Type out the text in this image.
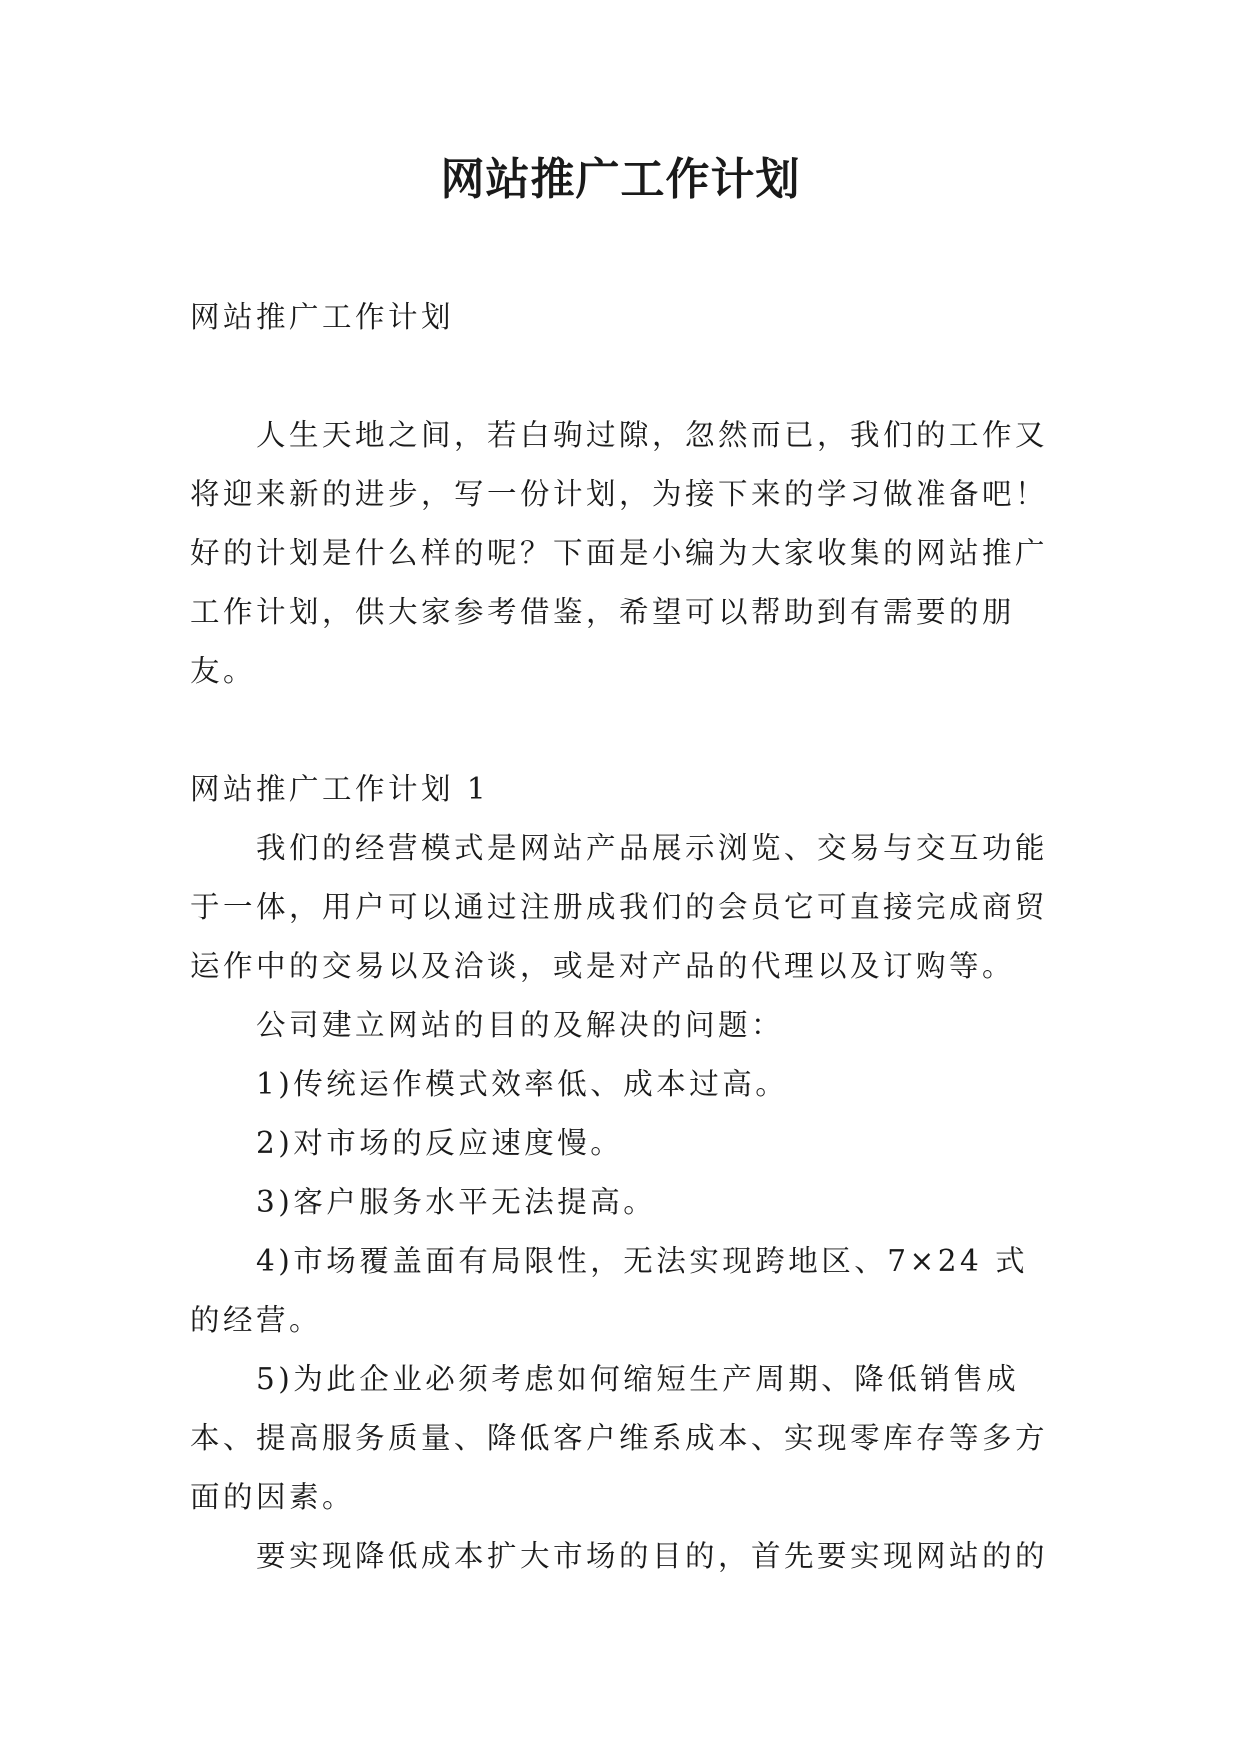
网站推广工作计划

网站推广工作计划

人生天地之间，若白驹过隙，忽然而已，我们的工作又将迎来新的进步，写一份计划，为接下来的学习做准备吧！好的计划是什么样的呢？下面是小编为大家收集的网站推广工作计划，供大家参考借鉴，希望可以帮助到有需要的朋友。

网站推广工作计划 1

我们的经营模式是网站产品展示浏览、交易与交互功能于一体，用户可以通过注册成我们的会员它可直接完成商贸运作中的交易以及洽谈，或是对产品的代理以及订购等。

公司建立网站的目的及解决的问题：

1)传统运作模式效率低、成本过高。

2)对市场的反应速度慢。

3)客户服务水平无法提高。

4)市场覆盖面有局限性，无法实现跨地区、7×24 式的经营。

5)为此企业必须考虑如何缩短生产周期、降低销售成本、提高服务质量、降低客户维系成本、实现零库存等多方面的因素。

要实现降低成本扩大市场的目的，首先要实现网站的的
